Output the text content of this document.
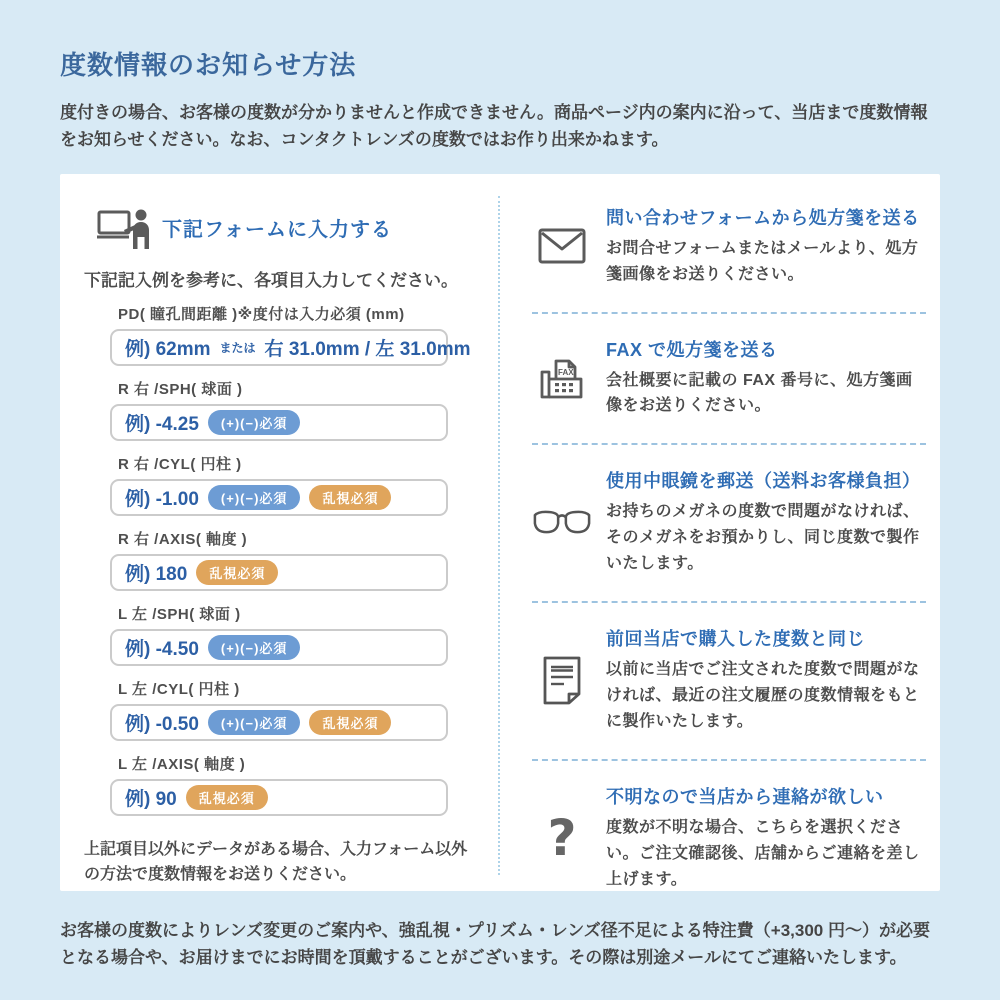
度数情報のお知らせ方法

度付きの場合、お客様の度数が分かりませんと作成できません。商品ページ内の案内に沿って、当店まで度数情報をお知らせください。なお、コンタクトレンズの度数ではお作り出来かねます。

下記フォームに入力する

下記記入例を参考に、各項目入力してください。

PD( 瞳孔間距離 )※度付は入力必須 (mm)
例) 62mm または 右 31.0mm / 左 31.0mm
R 右 /SPH( 球面 )
例) -4.25	(+)(−)必須
R 右 /CYL( 円柱 )
例) -1.00	(+)(−)必須	乱視必須
R 右 /AXIS( 軸度 )
例) 180	乱視必須
L 左 /SPH( 球面 )
例) -4.50	(+)(−)必須
L 左 /CYL( 円柱 )
例) -0.50	(+)(−)必須	乱視必須
L 左 /AXIS( 軸度 )
例) 90	乱視必須

上記項目以外にデータがある場合、入力フォーム以外の方法で度数情報をお送りください。

問い合わせフォームから処方箋を送る
お問合せフォームまたはメールより、処方箋画像をお送りください。
FAX
FAX で処方箋を送る
会社概要に記載の FAX 番号に、処方箋画像をお送りください。
使用中眼鏡を郵送（送料お客様負担）
お持ちのメガネの度数で問題がなければ、そのメガネをお預かりし、同じ度数で製作いたします。
前回当店で購入した度数と同じ
以前に当店でご注文された度数で問題がなければ、最近の注文履歴の度数情報をもとに製作いたします。
?
不明なので当店から連絡が欲しい
度数が不明な場合、こちらを選択ください。ご注文確認後、店舗からご連絡を差し上げます。

お客様の度数によりレンズ変更のご案内や、強乱視・プリズム・レンズ径不足による特注費（+3,300 円〜）が必要となる場合や、お届けまでにお時間を頂戴することがございます。その際は別途メールにてご連絡いたします。
